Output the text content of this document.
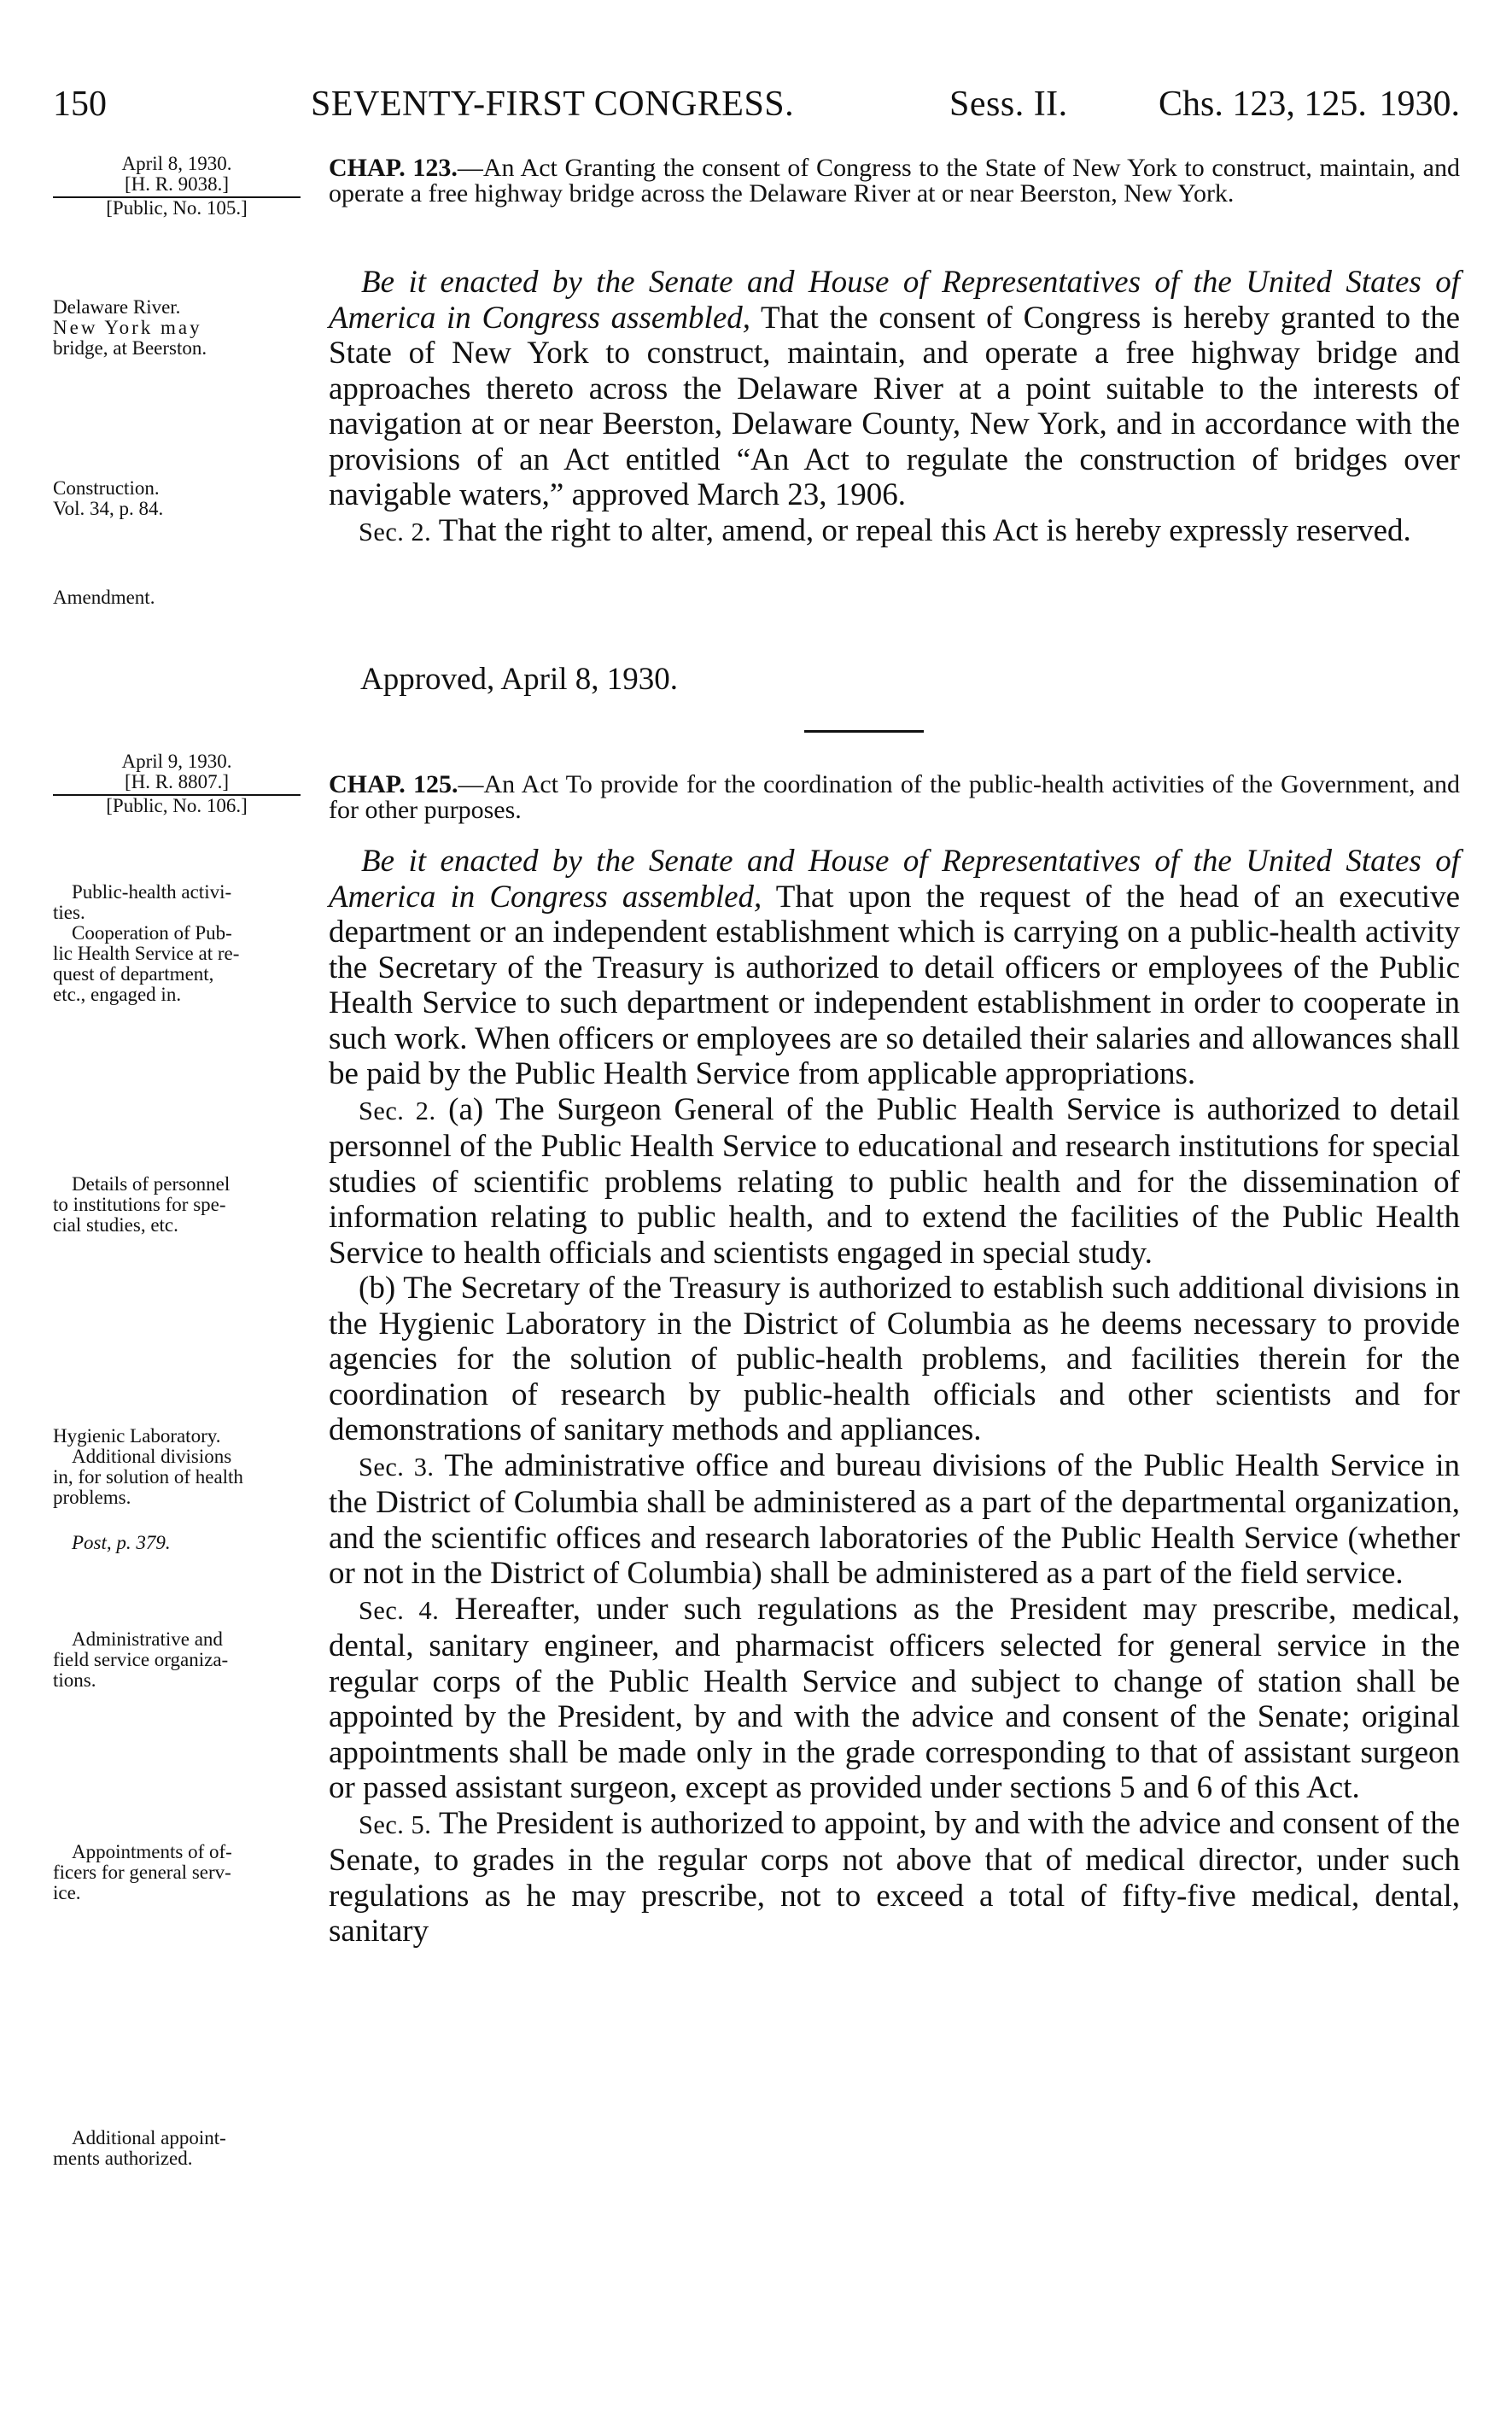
150	SEVENTY-FIRST CONGRESS.	Sess. II.	Chs. 123, 125. 1930.
April 8, 1930.
[H. R. 9038.]
[Public, No. 105.]
CHAP. 123.—An Act Granting the consent of Congress to the State of New York to construct, maintain, and operate a free highway bridge across the Delaware River at or near Beerston, New York.
Delaware River.
New York may
bridge, at Beerston.
Construction.
Vol. 34, p. 84.
Amendment.

Be it enacted by the Senate and House of Representatives of the United States of America in Congress assembled, That the consent of Congress is hereby granted to the State of New York to construct, maintain, and operate a free highway bridge and approaches thereto across the Delaware River at a point suitable to the interests of navigation at or near Beerston, Delaware County, New York, and in accordance with the provisions of an Act entitled “An Act to regulate the construction of bridges over navigable waters,” approved March 23, 1906.

Sec. 2. That the right to alter, amend, or repeal this Act is hereby expressly reserved.

Approved, April 8, 1930.
April 9, 1930.
[H. R. 8807.]
[Public, No. 106.]
CHAP. 125.—An Act To provide for the coordination of the public-health activities of the Government, and for other purposes.
Public-health activi-
ties.
Cooperation of Pub-
lic Health Service at re-
quest of department,
etc., engaged in.
Details of personnel
to institutions for spe-
cial studies, etc.
Hygienic Laboratory.
Additional divisions
in, for solution of health
problems.
Post, p. 379.
Administrative and
field service organiza-
tions.
Appointments of of-
ficers for general serv-
ice.
Additional appoint-
ments authorized.

Be it enacted by the Senate and House of Representatives of the United States of America in Congress assembled, That upon the request of the head of an executive department or an independent establishment which is carrying on a public-health activity the Secretary of the Treasury is authorized to detail officers or employees of the Public Health Service to such department or independent establishment in order to cooperate in such work. When officers or employees are so detailed their salaries and allowances shall be paid by the Public Health Service from applicable appropriations.

Sec. 2. (a) The Surgeon General of the Public Health Service is authorized to detail personnel of the Public Health Service to educational and research institutions for special studies of scientific problems relating to public health and for the dissemination of information relating to public health, and to extend the facilities of the Public Health Service to health officials and scientists engaged in special study.

(b) The Secretary of the Treasury is authorized to establish such additional divisions in the Hygienic Laboratory in the District of Columbia as he deems necessary to provide agencies for the solution of public-health problems, and facilities therein for the coordination of research by public-health officials and other scientists and for demonstrations of sanitary methods and appliances.

Sec. 3. The administrative office and bureau divisions of the Public Health Service in the District of Columbia shall be administered as a part of the departmental organization, and the scientific offices and research laboratories of the Public Health Service (whether or not in the District of Columbia) shall be administered as a part of the field service.

Sec. 4. Hereafter, under such regulations as the President may prescribe, medical, dental, sanitary engineer, and pharmacist officers selected for general service in the regular corps of the Public Health Service and subject to change of station shall be appointed by the President, by and with the advice and consent of the Senate; original appointments shall be made only in the grade corresponding to that of assistant surgeon or passed assistant surgeon, except as provided under sections 5 and 6 of this Act.

Sec. 5. The President is authorized to appoint, by and with the advice and consent of the Senate, to grades in the regular corps not above that of medical director, under such regulations as he may prescribe, not to exceed a total of fifty-five medical, dental, sanitary
